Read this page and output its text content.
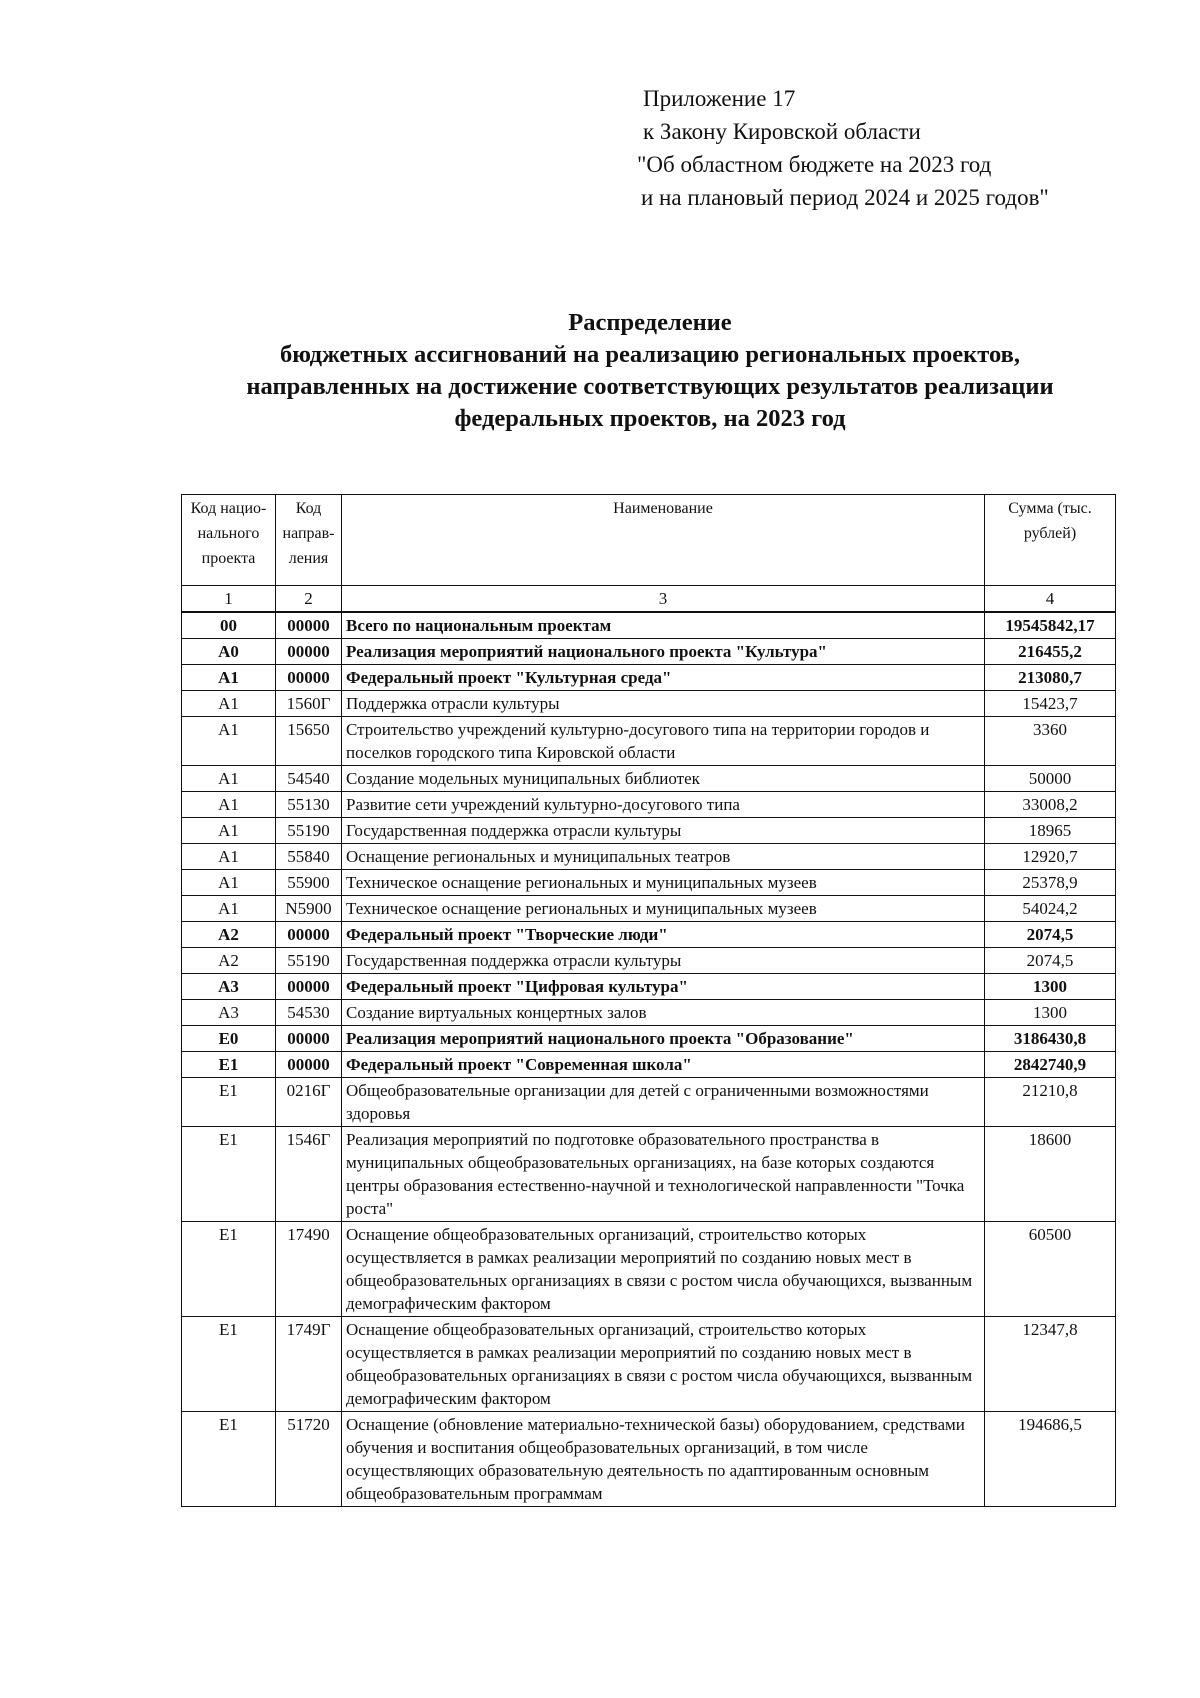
Приложение 17
к Закону Кировской области
"Об областном бюджете на 2023 год
и на плановый период 2024 и 2025 годов"
Распределение
бюджетных ассигнований на реализацию региональных проектов,
направленных на достижение соответствующих результатов реализации
федеральных проектов, на 2023 год
Код нацио-нального проекта	Код направ-ления	Наименование	Сумма (тыс. рублей)
1	2	3	4
00	00000	Всего по национальным проектам	19545842,17
А0	00000	Реализация мероприятий национального проекта "Культура"	216455,2
А1	00000	Федеральный проект "Культурная среда"	213080,7
А1	1560Г	Поддержка отрасли культуры	15423,7
А1	15650	Строительство учреждений культурно-досугового типа на территории городов и поселков городского типа Кировской области	3360
А1	54540	Создание модельных муниципальных библиотек	50000
А1	55130	Развитие сети учреждений культурно-досугового типа	33008,2
А1	55190	Государственная поддержка отрасли культуры	18965
А1	55840	Оснащение региональных и муниципальных театров	12920,7
А1	55900	Техническое оснащение региональных и муниципальных музеев	25378,9
А1	N5900	Техническое оснащение региональных и муниципальных музеев	54024,2
А2	00000	Федеральный проект "Творческие люди"	2074,5
А2	55190	Государственная поддержка отрасли культуры	2074,5
А3	00000	Федеральный проект "Цифровая культура"	1300
А3	54530	Создание виртуальных концертных залов	1300
Е0	00000	Реализация мероприятий национального проекта "Образование"	3186430,8
Е1	00000	Федеральный проект "Современная школа"	2842740,9
Е1	0216Г	Общеобразовательные организации для детей с ограниченными возможностями здоровья	21210,8
Е1	1546Г	Реализация мероприятий по подготовке образовательного пространства в муниципальных общеобразовательных организациях, на базе которых создаются центры образования естественно-научной и технологической направленности "Точка роста"	18600
Е1	17490	Оснащение общеобразовательных организаций, строительство которых осуществляется в рамках реализации мероприятий по созданию новых мест в общеобразовательных организациях в связи с ростом числа обучающихся, вызванным демографическим фактором	60500
Е1	1749Г	Оснащение общеобразовательных организаций, строительство которых осуществляется в рамках реализации мероприятий по созданию новых мест в общеобразовательных организациях в связи с ростом числа обучающихся, вызванным демографическим фактором	12347,8
Е1	51720	Оснащение (обновление материально-технической базы) оборудованием, средствами обучения и воспитания общеобразовательных организаций, в том числе осуществляющих образовательную деятельность по адаптированным основным общеобразовательным программам	194686,5
